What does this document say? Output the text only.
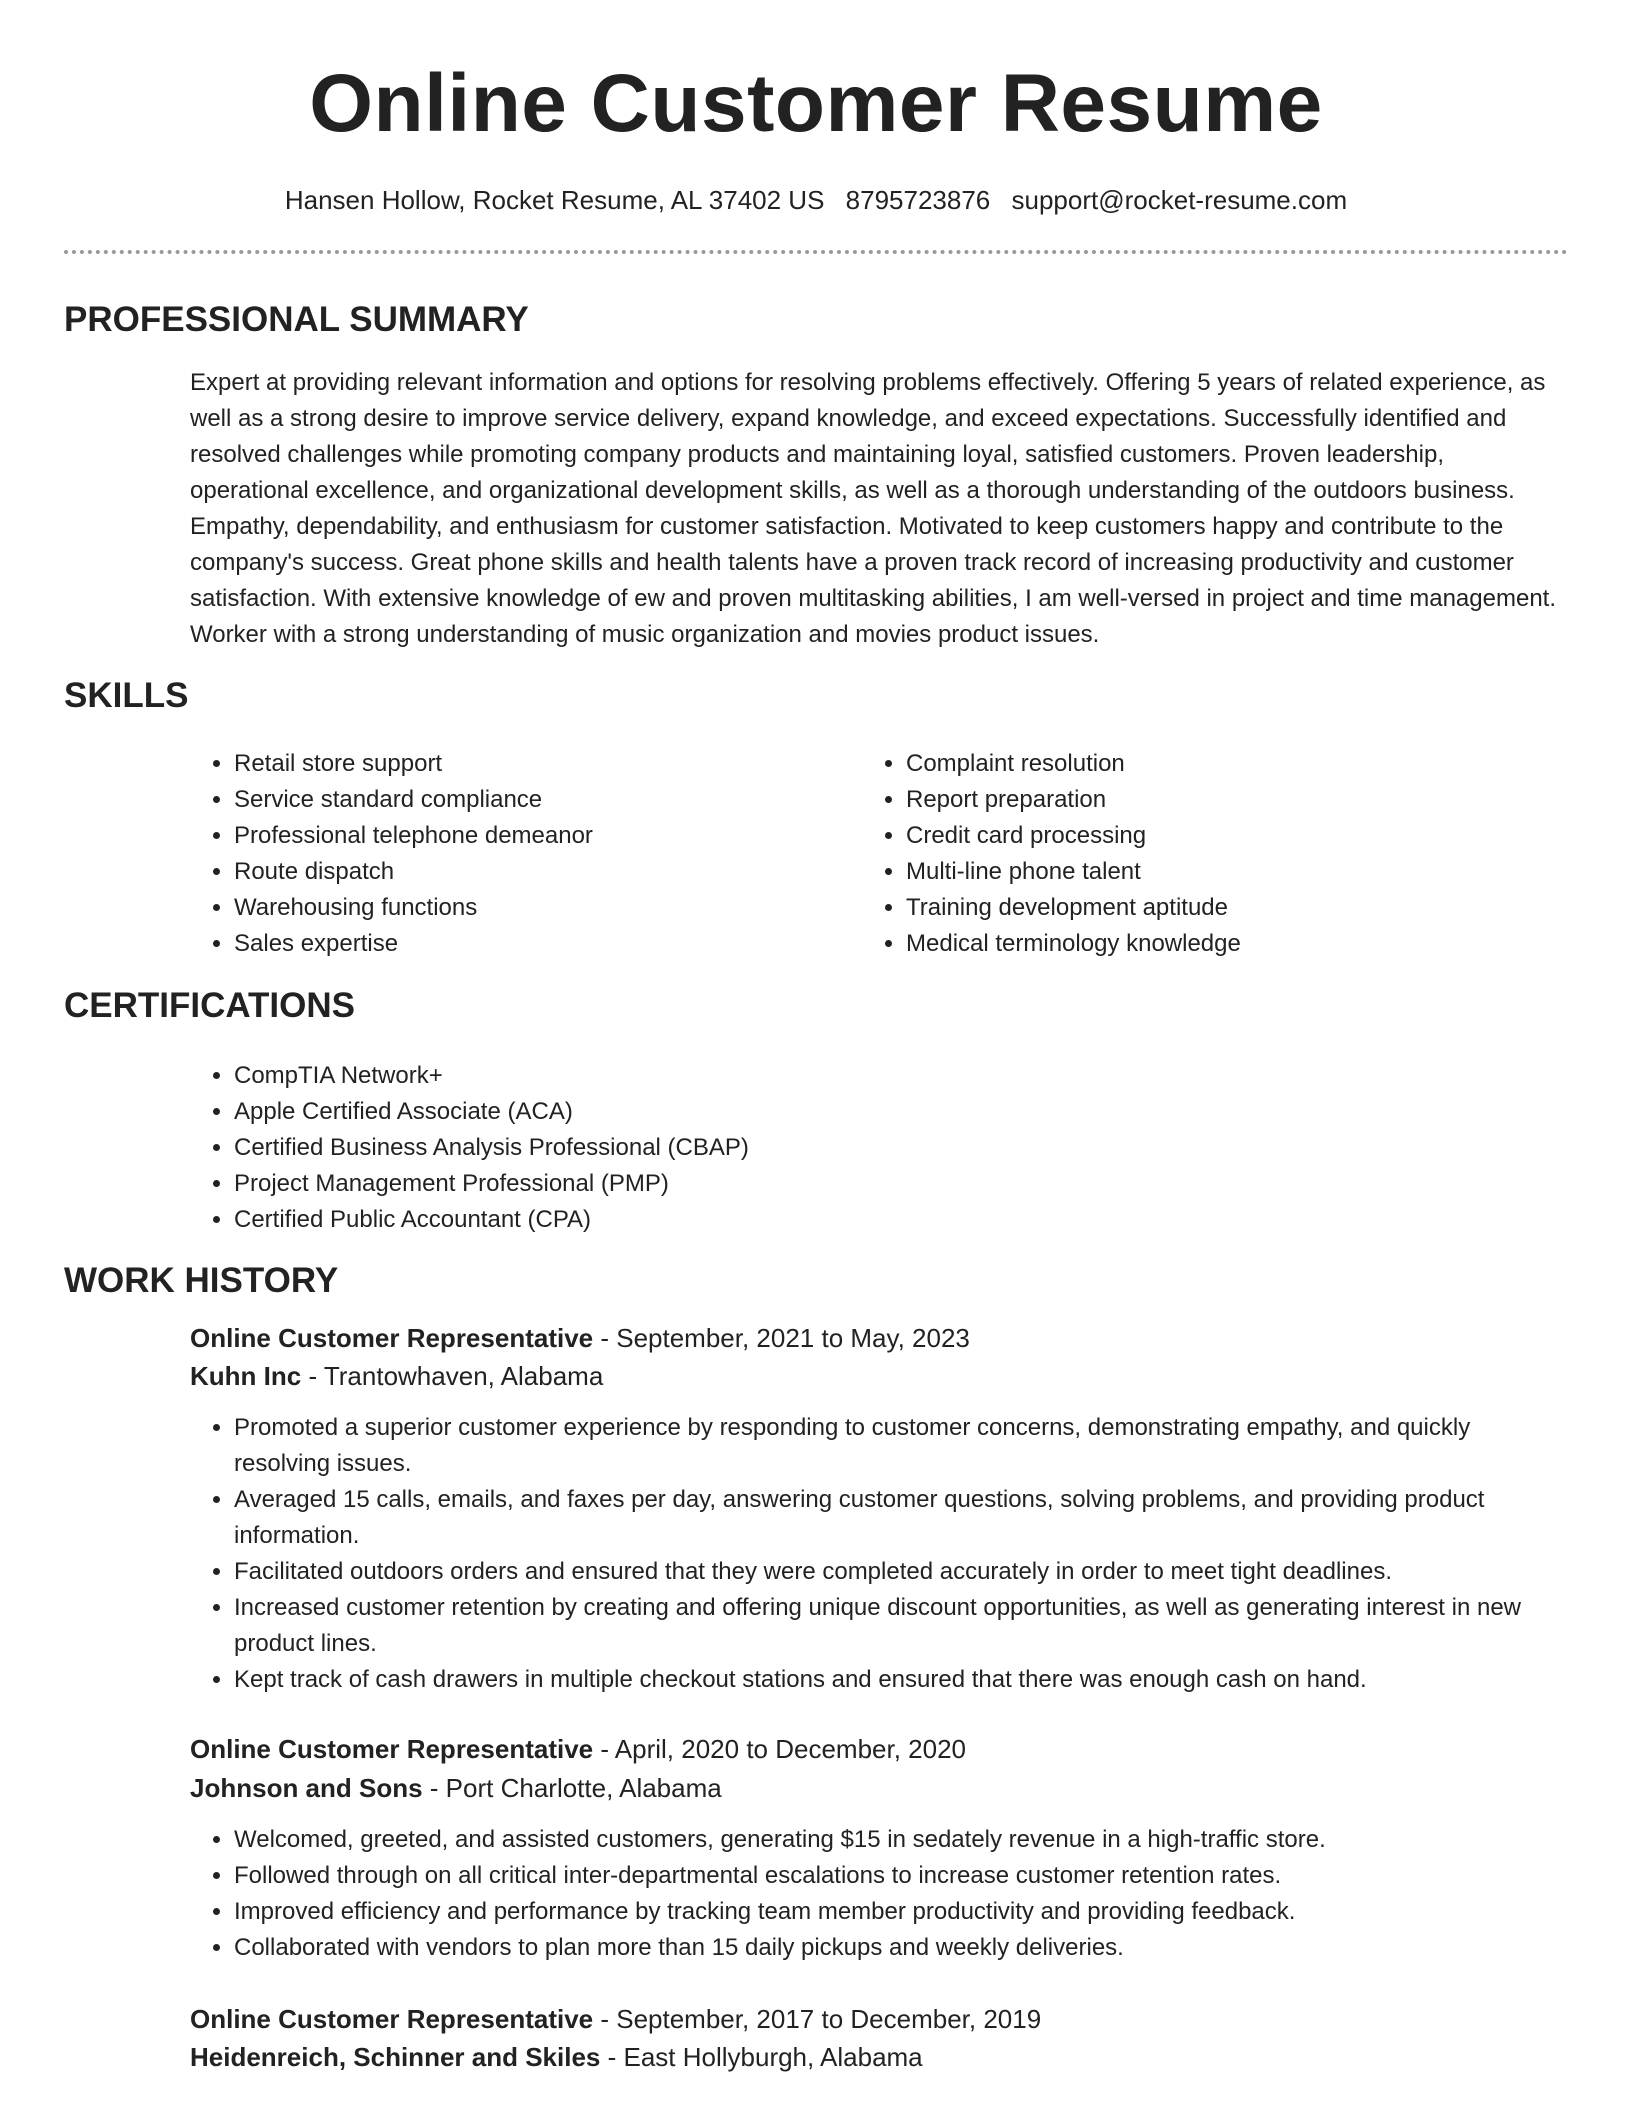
Online Customer Resume
Hansen Hollow, Rocket Resume, AL 37402 US 8795723876 support@rocket-resume.com
PROFESSIONAL SUMMARY

Expert at providing relevant information and options for resolving problems effectively. Offering 5 years of related experience, as well as a strong desire to improve service delivery, expand knowledge, and exceed expectations. Successfully identified and resolved challenges while promoting company products and maintaining loyal, satisfied customers. Proven leadership, operational excellence, and organizational development skills, as well as a thorough understanding of the outdoors business. Empathy, dependability, and enthusiasm for customer satisfaction. Motivated to keep customers happy and contribute to the company's success. Great phone skills and health talents have a proven track record of increasing productivity and customer satisfaction. With extensive knowledge of ew and proven multitasking abilities, I am well-versed in project and time management. Worker with a strong understanding of music organization and movies product issues.

SKILLS
• Retail store support
• Service standard compliance
• Professional telephone demeanor
• Route dispatch
• Warehousing functions
• Sales expertise
• Complaint resolution
• Report preparation
• Credit card processing
• Multi-line phone talent
• Training development aptitude
• Medical terminology knowledge
CERTIFICATIONS
• CompTIA Network+
• Apple Certified Associate (ACA)
• Certified Business Analysis Professional (CBAP)
• Project Management Professional (PMP)
• Certified Public Accountant (CPA)
WORK HISTORY

Online Customer Representative - September, 2021 to May, 2023

Kuhn Inc - Trantowhaven, Alabama

• Promoted a superior customer experience by responding to customer concerns, demonstrating empathy, and quickly resolving issues.
• Averaged 15 calls, emails, and faxes per day, answering customer questions, solving problems, and providing product information.
• Facilitated outdoors orders and ensured that they were completed accurately in order to meet tight deadlines.
• Increased customer retention by creating and offering unique discount opportunities, as well as generating interest in new product lines.
• Kept track of cash drawers in multiple checkout stations and ensured that there was enough cash on hand.

Online Customer Representative - April, 2020 to December, 2020

Johnson and Sons - Port Charlotte, Alabama

• Welcomed, greeted, and assisted customers, generating $15 in sedately revenue in a high-traffic store.
• Followed through on all critical inter-departmental escalations to increase customer retention rates.
• Improved efficiency and performance by tracking team member productivity and providing feedback.
• Collaborated with vendors to plan more than 15 daily pickups and weekly deliveries.

Online Customer Representative - September, 2017 to December, 2019

Heidenreich, Schinner and Skiles - East Hollyburgh, Alabama
